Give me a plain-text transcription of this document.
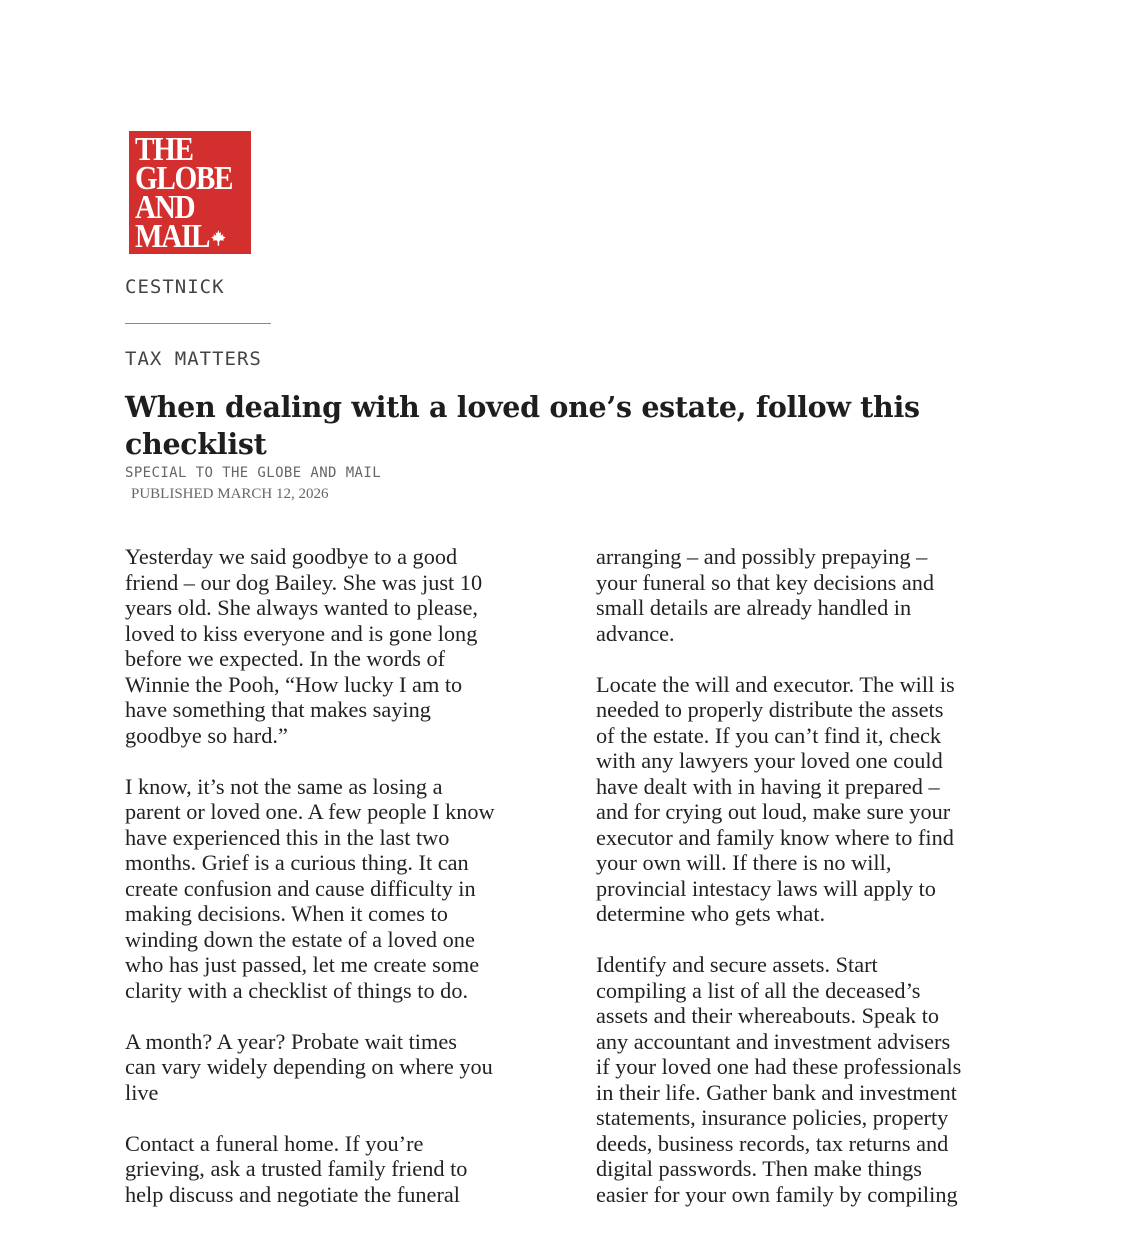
THE
GLOBE
AND
MAIL
CESTNICK
TAX MATTERS
When dealing with a loved one’s estate, follow this checklist
SPECIAL TO THE GLOBE AND MAIL
PUBLISHED MARCH 12, 2026

Yesterday we said goodbye to a good
friend – our dog Bailey. She was just 10
years old. She always wanted to please,
loved to kiss everyone and is gone long
before we expected. In the words of
Winnie the Pooh, “How lucky I am to
have something that makes saying
goodbye so hard.”

I know, it’s not the same as losing a
parent or loved one. A few people I know
have experienced this in the last two
months. Grief is a curious thing. It can
create confusion and cause difficulty in
making decisions. When it comes to
winding down the estate of a loved one
who has just passed, let me create some
clarity with a checklist of things to do.

A month? A year? Probate wait times
can vary widely depending on where you
live

Contact a funeral home. If you’re
grieving, ask a trusted family friend to
help discuss and negotiate the funeral

arranging – and possibly prepaying –
your funeral so that key decisions and
small details are already handled in
advance.

Locate the will and executor. The will is
needed to properly distribute the assets
of the estate. If you can’t find it, check
with any lawyers your loved one could
have dealt with in having it prepared –
and for crying out loud, make sure your
executor and family know where to find
your own will. If there is no will,
provincial intestacy laws will apply to
determine who gets what.

Identify and secure assets. Start
compiling a list of all the deceased’s
assets and their whereabouts. Speak to
any accountant and investment advisers
if your loved one had these professionals
in their life. Gather bank and investment
statements, insurance policies, property
deeds, business records, tax returns and
digital passwords. Then make things
easier for your own family by compiling
